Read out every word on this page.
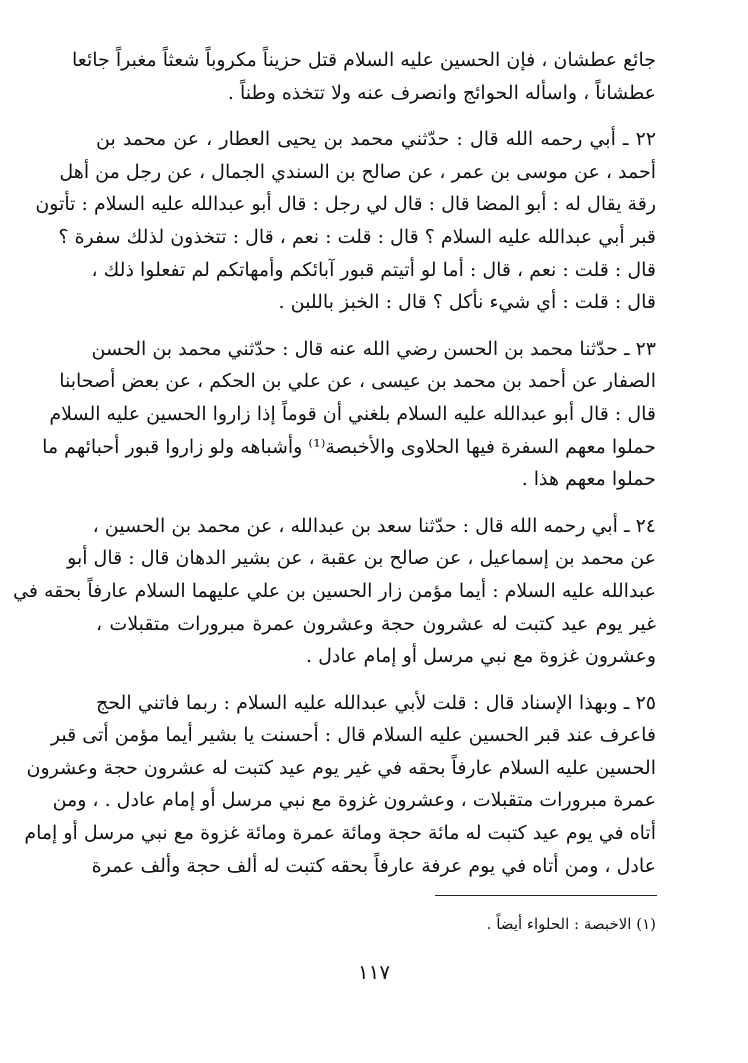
جائع عطشان ، فإن الحسين عليه السلام قتل حزيناً مكروباً شعثاً مغبراً جائعا
عطشاناً ، واسأله الحوائج وانصرف عنه ولا تتخذه وطناً .
٢٢ ـ أبي رحمه الله قال : حدّثني محمد بن يحيى العطار ، عن محمد بن
أحمد ، عن موسى بن عمر ، عن صالح بن السندي الجمال ، عن رجل من أهل
رقة يقال له : أبو المضا قال : قال لي رجل : قال أبو عبدالله عليه السلام : تأتون
قبر أبي عبدالله عليه السلام ؟ قال : قلت : نعم ، قال : تتخذون لذلك سفرة ؟
قال : قلت : نعم ، قال : أما لو أتيتم قبور آبائكم وأمهاتكم لم تفعلوا ذلك ،
قال : قلت : أي شيء نأكل ؟ قال : الخبز باللبن .
٢٣ ـ حدّثنا محمد بن الحسن رضي الله عنه قال : حدّثني محمد بن الحسن
الصفار عن أحمد بن محمد بن عيسى ، عن علي بن الحكم ، عن بعض أصحابنا
قال : قال أبو عبدالله عليه السلام بلغني أن قوماً إذا زاروا الحسين عليه السلام
حملوا معهم السفرة فيها الحلاوى والأخبصة⁽¹⁾ وأشباهه ولو زاروا قبور أحبائهم ما
حملوا معهم هذا .
٢٤ ـ أبي رحمه الله قال : حدّثنا سعد بن عبدالله ، عن محمد بن الحسين ،
عن محمد بن إسماعيل ، عن صالح بن عقبة ، عن بشير الدهان قال : قال أبو
عبدالله عليه السلام : أيما مؤمن زار الحسين بن علي عليهما السلام عارفاً بحقه في
غير يوم عيد كتبت له عشرون حجة وعشرون عمرة مبرورات متقبلات ،
وعشرون غزوة مع نبي مرسل أو إمام عادل .
٢٥ ـ وبهذا الإسناد قال : قلت لأبي عبدالله عليه السلام : ربما فاتني الحج
فاعرف عند قبر الحسين عليه السلام قال : أحسنت يا بشير أيما مؤمن أتى قبر
الحسين عليه السلام عارفاً بحقه في غير يوم عيد كتبت له عشرون حجة وعشرون
عمرة مبرورات متقبلات ، وعشرون غزوة مع نبي مرسل أو إمام عادل . ، ومن
أتاه في يوم عيد كتبت له مائة حجة ومائة عمرة ومائة غزوة مع نبي مرسل أو إمام
عادل ، ومن أتاه في يوم عرفة عارفاً بحقه كتبت له ألف حجة وألف عمرة
(١) الاخبصة : الحلواء أيضاً .
١١٧
